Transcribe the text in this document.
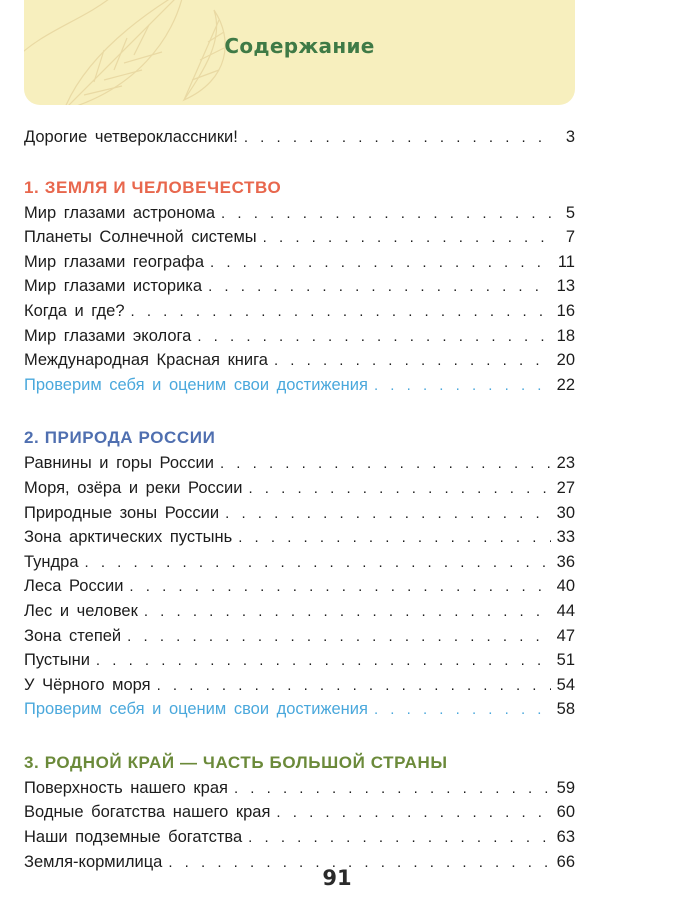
Содержание
Дорогие четвероклассники! . . .	3
1. ЗЕМЛЯ И ЧЕЛОВЕЧЕСТВО
Мир глазами астронома . . .	5
Планеты Солнечной системы . . .	7
Мир глазами географа . . .	11
Мир глазами историка . . .	13
Когда и где? . . .	16
Мир глазами эколога . . .	18
Международная Красная книга . . .	20
Проверим себя и оценим свои достижения . . .	22
2. ПРИРОДА РОССИИ
Равнины и горы России . . .	23
Моря, озёра и реки России . . .	27
Природные зоны России . . .	30
Зона арктических пустынь . . .	33
Тундра . . .	36
Леса России . . .	40
Лес и человек . . .	44
Зона степей . . .	47
Пустыни . . .	51
У Чёрного моря . . .	54
Проверим себя и оценим свои достижения . . .	58
3. РОДНОЙ КРАЙ — ЧАСТЬ БОЛЬШОЙ СТРАНЫ
Поверхность нашего края . . .	59
Водные богатства нашего края . . .	60
Наши подземные богатства . . .	63
Земля-кормилица . . .	66
91
